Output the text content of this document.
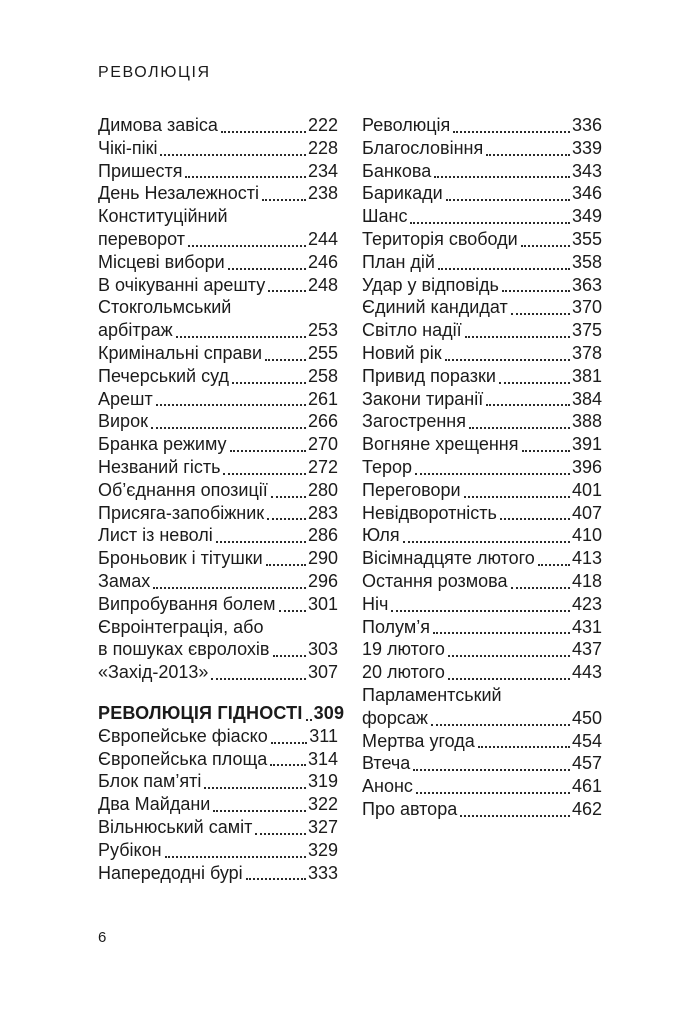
РЕВОЛЮЦІЯ
Димова завіса	222
Чікі-пікі	228
Пришестя	234
День Незалежності	238
Конституційний
переворот	244
Місцеві вибори	246
В очікуванні арешту 248
Стокгольмський
арбітраж	253
Кримінальні справи	255
Печерський суд	258
Арешт	261
Вирок	266
Бранка режиму	270
Незваний гість	272
Об’єднання опозиції 280
Присяга-запобіжник 283
Лист із неволі	286
Броньовик і тітушки	290
Замах	296
Випробування болем 301
Євроінтеграція, або
в пошуках євролохів 303
«Захід-2013»	307
РЕВОЛЮЦІЯ ГІДНОСТІ 309
Європейське фіаско 311
Європейська площа 314
Блок пам’яті	319
Два Майдани	322
Вільнюський саміт	327
Рубікон	329
Напередодні бурі	333
Революція	336
Благословіння	339
Банкова	343
Барикади	346
Шанс	349
Територія свободи	355
План дій	358
Удар у відповідь	363
Єдиний кандидат	370
Світло надії	375
Новий рік	378
Привид поразки	381
Закони тиранії	384
Загострення	388
Вогняне хрещення	391
Терор	396
Переговори	401
Невідворотність	407
Юля	410
Вісімнадцяте лютого 413
Остання розмова	418
Ніч	423
Полум’я	431
19 лютого	437
20 лютого	443
Парламентський
форсаж	450
Мертва угода	454
Втеча	457
Анонс	461
Про автора	462
6
